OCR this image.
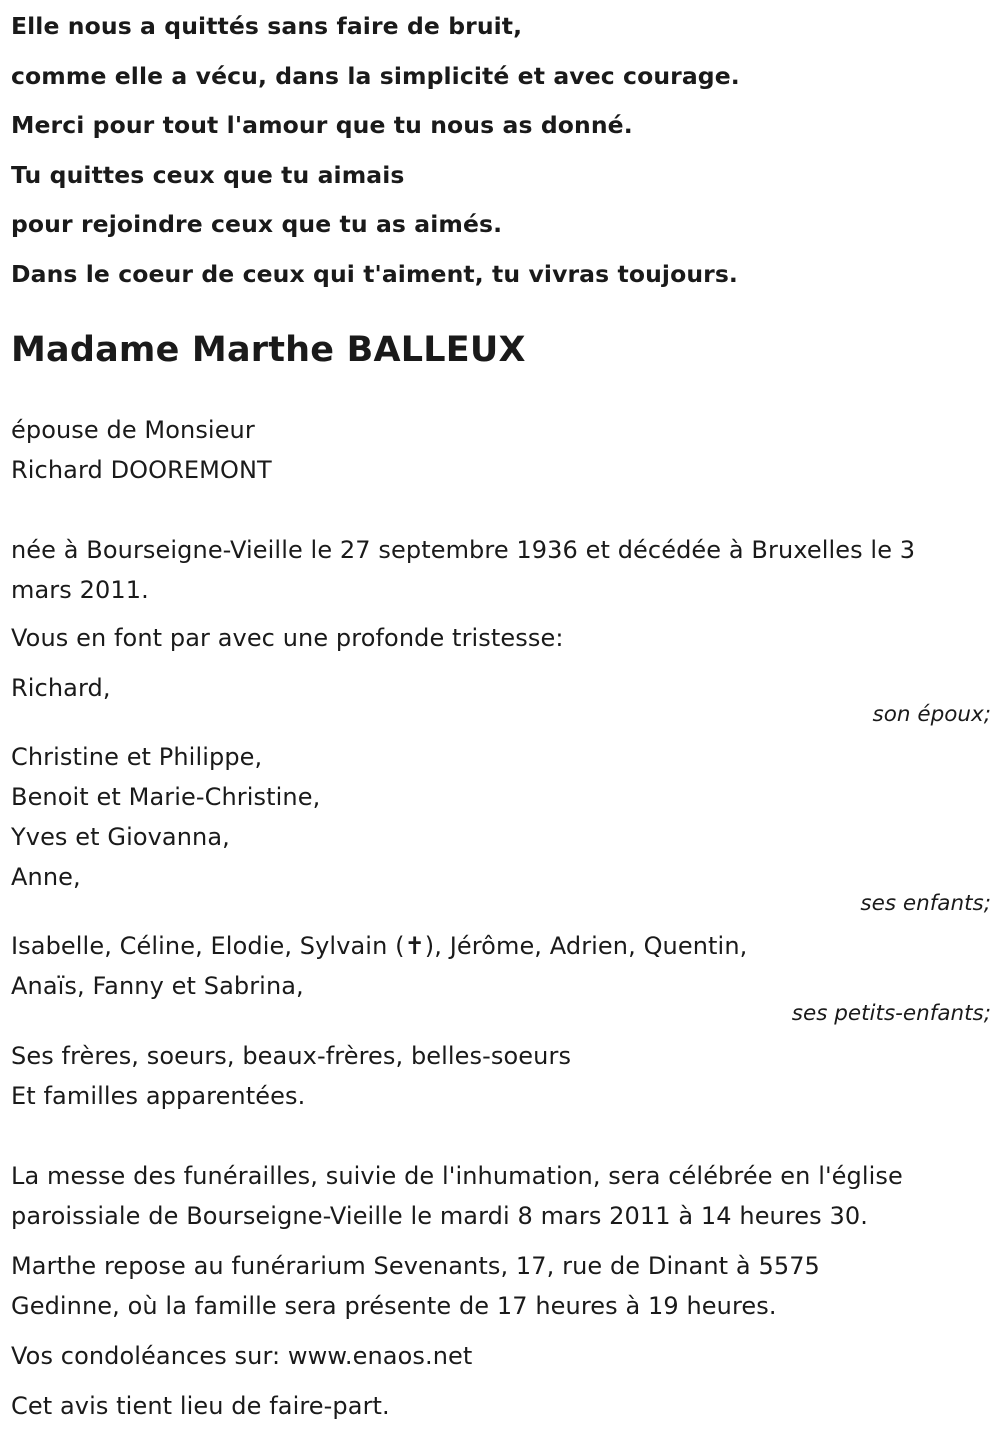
Elle nous a quittés sans faire de bruit,
comme elle a vécu, dans la simplicité et avec courage.
Merci pour tout l'amour que tu nous as donné.
Tu quittes ceux que tu aimais
pour rejoindre ceux que tu as aimés.
Dans le coeur de ceux qui t'aiment, tu vivras toujours.
Madame Marthe BALLEUX
épouse de Monsieur
Richard DOOREMONT
née à Bourseigne-Vieille le 27 septembre 1936 et décédée à Bruxelles le 3
mars 2011.
Vous en font par avec une profonde tristesse:
Richard,
son époux;
Christine et Philippe,
Benoit et Marie-Christine,
Yves et Giovanna,
Anne,
ses enfants;
Isabelle, Céline, Elodie, Sylvain (✝), Jérôme, Adrien, Quentin,
Anaïs, Fanny et Sabrina,
ses petits-enfants;
Ses frères, soeurs, beaux-frères, belles-soeurs
Et familles apparentées.
La messe des funérailles, suivie de l'inhumation, sera célébrée en l'église
paroissiale de Bourseigne-Vieille le mardi 8 mars 2011 à 14 heures 30.
Marthe repose au funérarium Sevenants, 17, rue de Dinant à 5575
Gedinne, où la famille sera présente de 17 heures à 19 heures.
Vos condoléances sur: www.enaos.net
Cet avis tient lieu de faire-part.
